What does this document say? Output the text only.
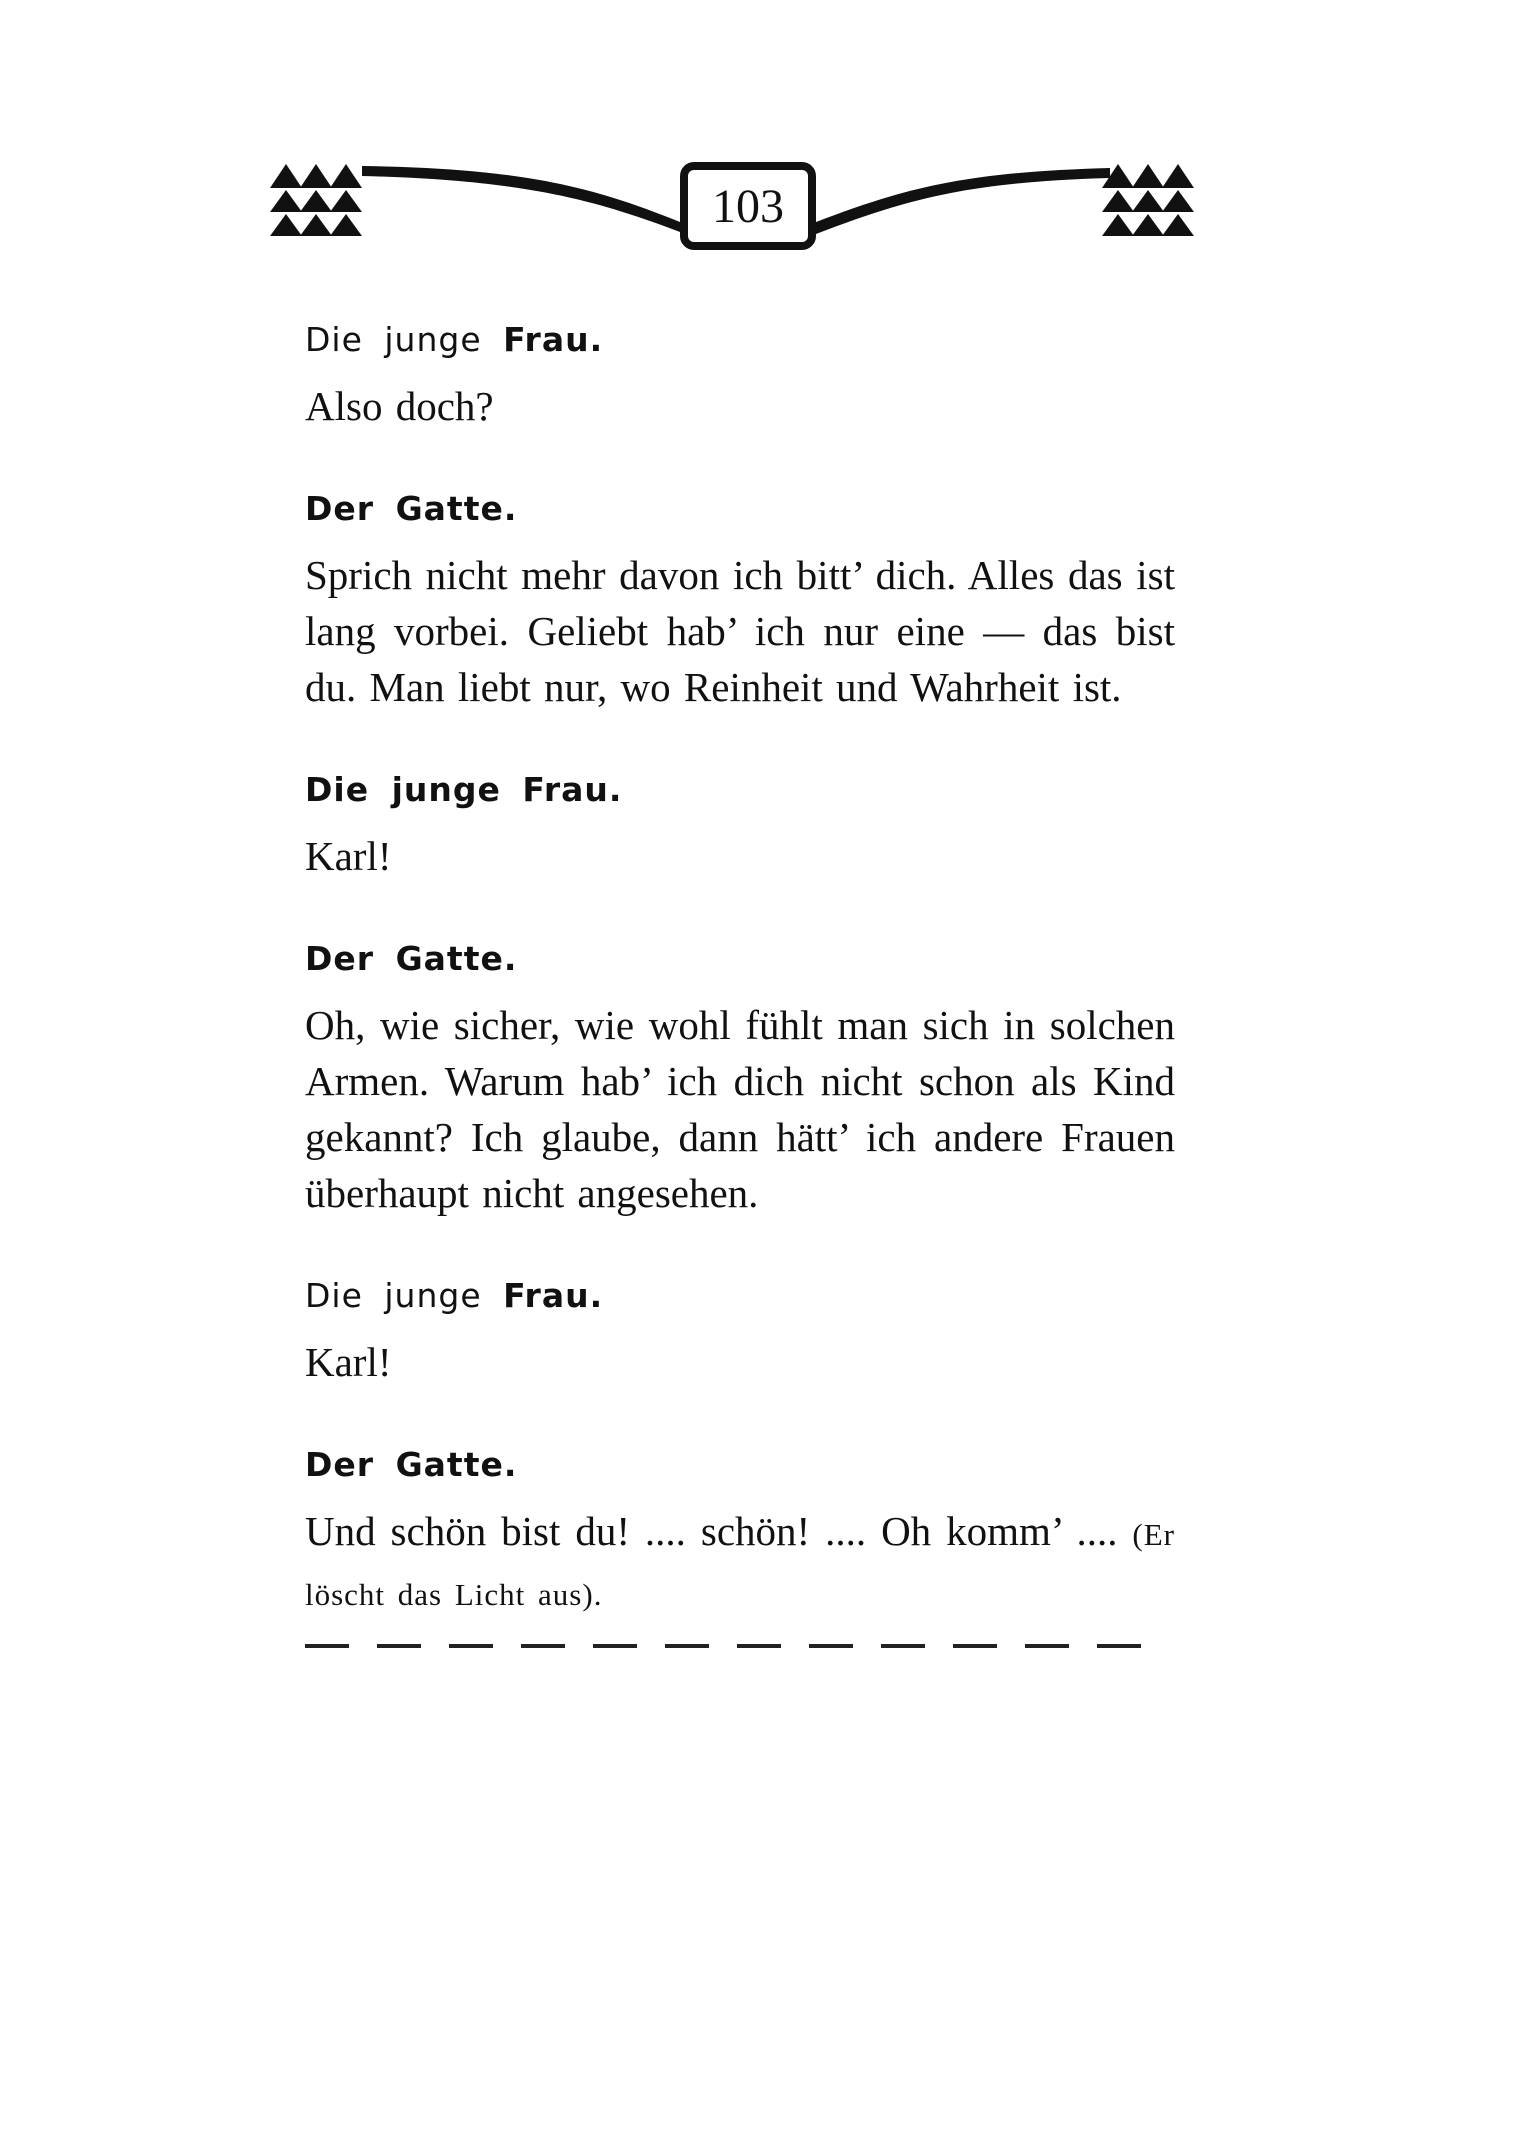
103
Die junge Frau.
Also doch?
Der Gatte.
Sprich nicht mehr davon ich bitt’ dich. Alles das ist lang vorbei. Geliebt hab’ ich nur eine — das bist du. Man liebt nur, wo Reinheit und Wahrheit ist.
Die junge Frau.
Karl!
Der Gatte.
Oh, wie sicher, wie wohl fühlt man sich in solchen Armen. Warum hab’ ich dich nicht schon als Kind gekannt? Ich glaube, dann hätt’ ich andere Frauen überhaupt nicht angesehen.
Die junge Frau.
Karl!
Der Gatte.
Und schön bist du! .... schön! .... Oh komm’ .... (Er löscht das Licht aus).
